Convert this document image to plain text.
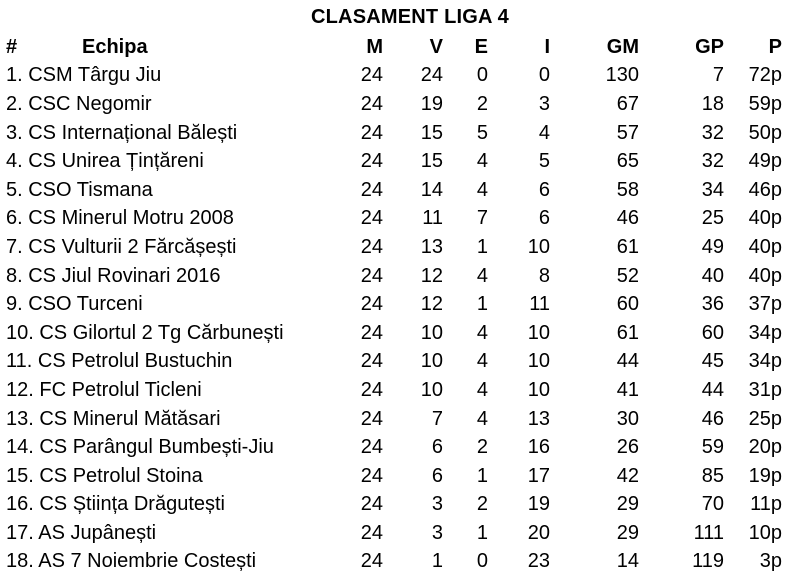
CLASAMENT LIGA 4
# Echipa	M	V	E	I	GM	GP	P
1. CSM Târgu Jiu	24	24	0	0	130	7	72p
2. CSC Negomir	24	19	2	3	67	18	59p
3. CS Internațional Bălești	24	15	5	4	57	32	50p
4. CS Unirea Țințăreni	24	15	4	5	65	32	49p
5. CSO Tismana	24	14	4	6	58	34	46p
6. CS Minerul Motru 2008	24	11	7	6	46	25	40p
7. CS Vulturii 2 Fărcășești	24	13	1	10	61	49	40p
8. CS Jiul Rovinari 2016	24	12	4	8	52	40	40p
9. CSO Turceni	24	12	1	11	60	36	37p
10. CS Gilortul 2 Tg Cărbunești	24	10	4	10	61	60	34p
11. CS Petrolul Bustuchin	24	10	4	10	44	45	34p
12. FC Petrolul Ticleni	24	10	4	10	41	44	31p
13. CS Minerul Mătăsari	24	7	4	13	30	46	25p
14. CS Parângul Bumbești-Jiu	24	6	2	16	26	59	20p
15. CS Petrolul Stoina	24	6	1	17	42	85	19p
16. CS Știința Drăgutești	24	3	2	19	29	70	11p
17. AS Jupânești	24	3	1	20	29	111	10p
18. AS 7 Noiembrie Costești	24	1	0	23	14	119	3p
